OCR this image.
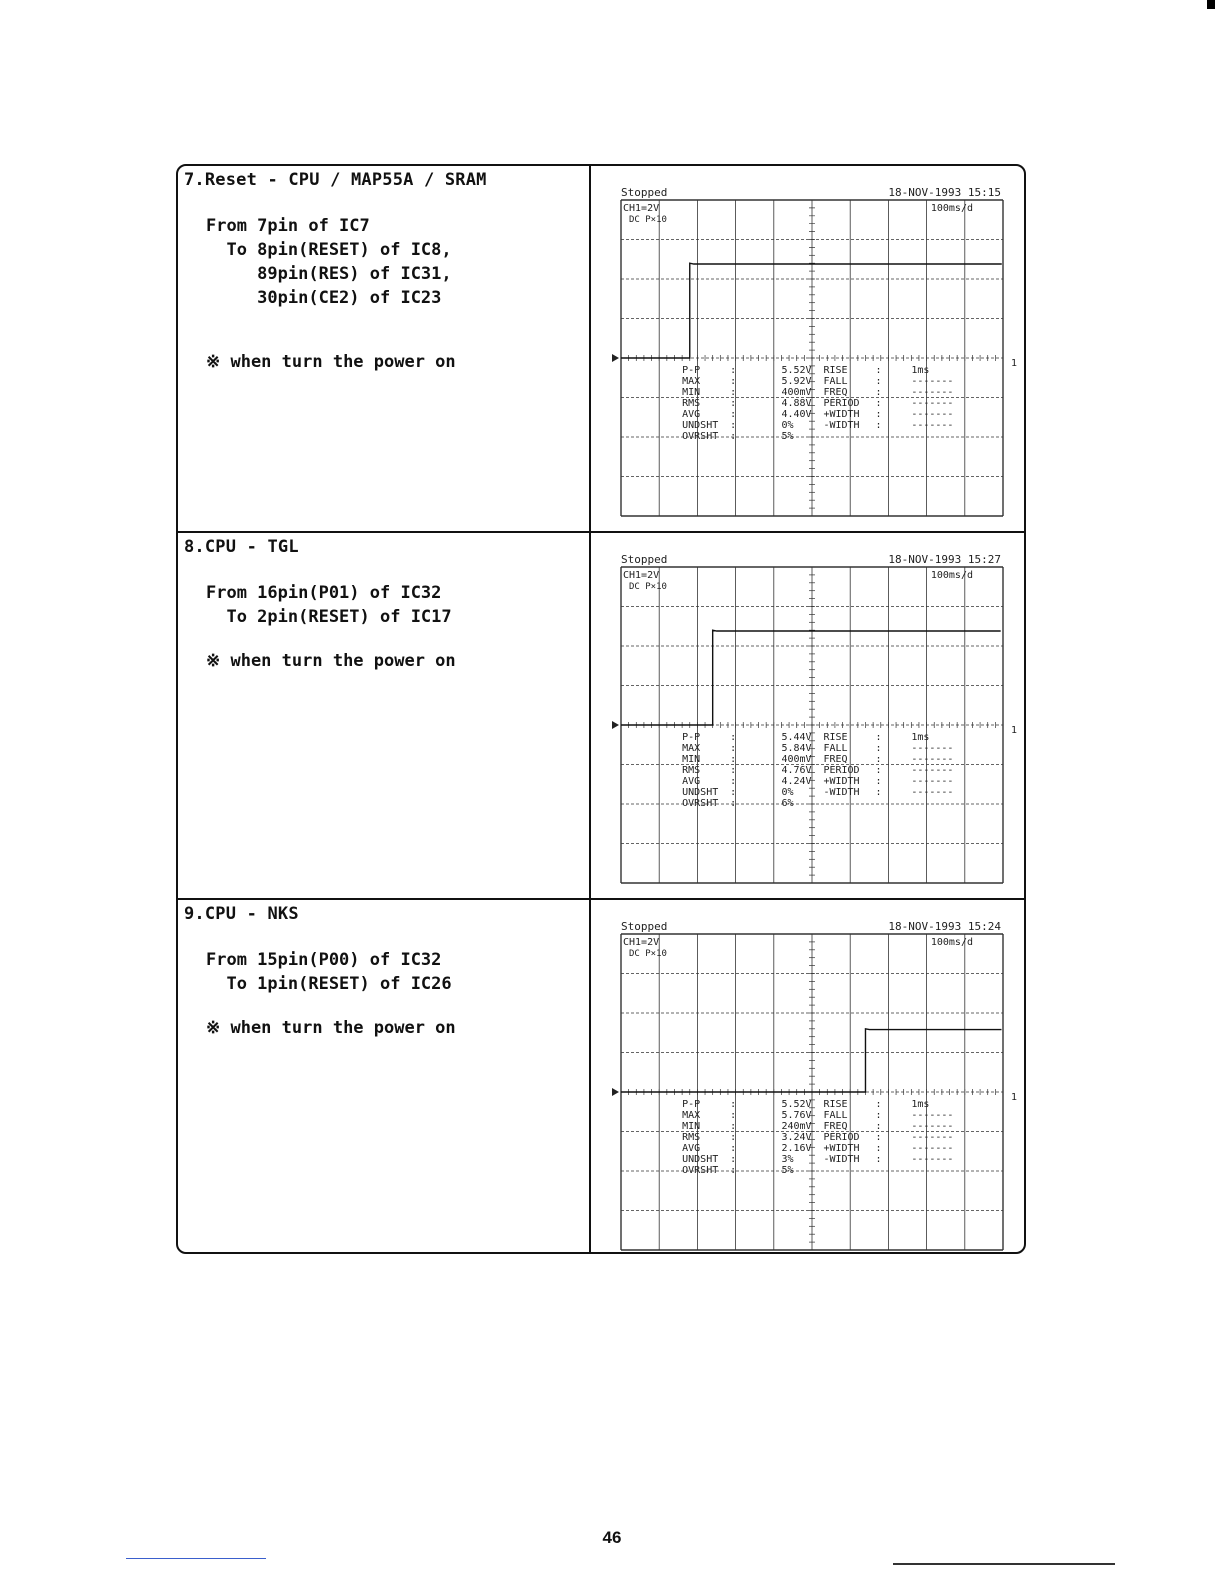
7.Reset - CPU / MAP55A / SRAM
From 7pin of IC7
To 8pin(RESET) of IC8,
89pin(RES) of IC31,
30pin(CE2) of IC23
※ when turn the power on
Stopped	18-NOV-1993 15:15
CH1=2V
DC P×10
100ms/d
1
P-P	:	5.52V
MAX	:	5.92V
MIN	:	400mV
RMS	:	4.88V
AVG	:	4.40V
UNDSHT :	0%
OVRSHT :	5%
RISE	:	1ms
FALL	:	-------
FREQ	:	-------
PERIOD :	-------
+WIDTH :	-------
-WIDTH :	-------
8.CPU - TGL
From 16pin(P01) of IC32
To 2pin(RESET) of IC17
※ when turn the power on
Stopped	18-NOV-1993 15:27
CH1=2V
DC P×10
100ms/d
1
P-P	:	5.44V
MAX	:	5.84V
MIN	:	400mV
RMS	:	4.76V
AVG	:	4.24V
UNDSHT :	0%
OVRSHT :	6%
RISE	:	1ms
FALL	:	-------
FREQ	:	-------
PERIOD :	-------
+WIDTH :	-------
-WIDTH :	-------
9.CPU - NKS
From 15pin(P00) of IC32
To 1pin(RESET) of IC26
※ when turn the power on
Stopped	18-NOV-1993 15:24
CH1=2V
DC P×10
100ms/d
1
P-P	:	5.52V
MAX	:	5.76V
MIN	:	240mV
RMS	:	3.24V
AVG	:	2.16V
UNDSHT :	3%
OVRSHT :	5%
RISE	:	1ms
FALL	:	-------
FREQ	:	-------
PERIOD :	-------
+WIDTH :	-------
-WIDTH :	-------
46
